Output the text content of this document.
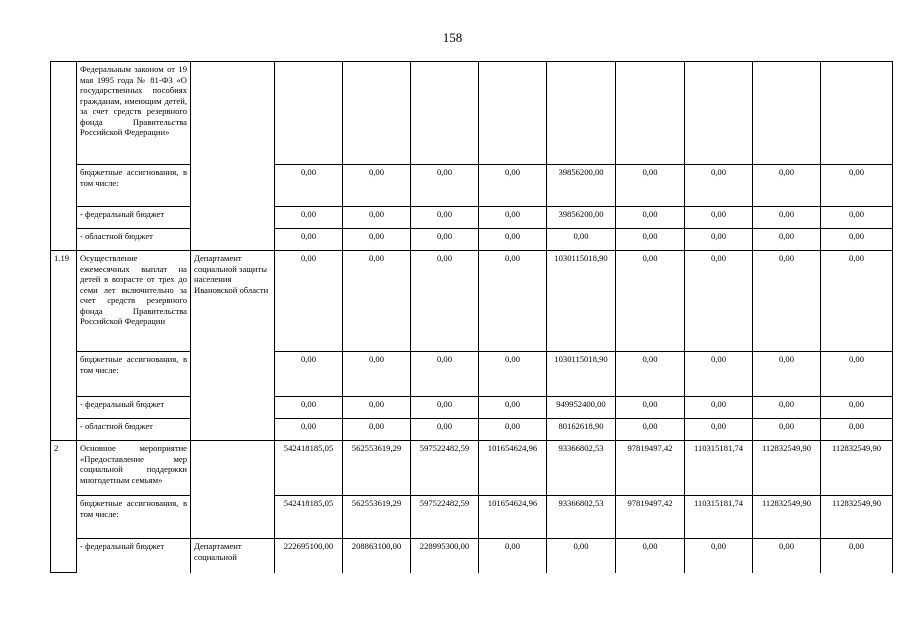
158
	Федеральным законом от 19 мая 1995 года № 81-ФЗ «О государственных пособиях гражданам, имеющим детей, за счет средств резервного фонда Правительства Российской Федерации»										
	бюджетные ассигнования, в том числе:		0,00	0,00	0,00	0,00	39856200,00	0,00	0,00	0,00	0,00
	- федеральный бюджет		0,00	0,00	0,00	0,00	39856200,00	0,00	0,00	0,00	0,00
	- областной бюджет		0,00	0,00	0,00	0,00	0,00	0,00	0,00	0,00	0,00
1.19	Осуществление ежемесячных выплат на детей в возрасте от трех до семи лет включительно за счет средств резервного фонда Правительства Российской Федерации	Департамент социальной защиты населения Ивановской области	0,00	0,00	0,00	0,00	1030115018,90	0,00	0,00	0,00	0,00
	бюджетные ассигнования, в том числе:		0,00	0,00	0,00	0,00	1030115018,90	0,00	0,00	0,00	0,00
	- федеральный бюджет		0,00	0,00	0,00	0,00	949952400,00	0,00	0,00	0,00	0,00
	- областной бюджет		0,00	0,00	0,00	0,00	80162618,90	0,00	0,00	0,00	0,00
2	Основное мероприятие «Предоставление мер социальной поддержки многодетным семьям»		542418185,05	562553619,29	597522482,59	101654624,96	93366802,53	97819497,42	110315181,74	112832549,90	112832549,90
	бюджетные ассигнования, в том числе:		542418185,05	562553619,29	597522482,59	101654624,96	93366802,53	97819497,42	110315181,74	112832549,90	112832549,90
	- федеральный бюджет	Департамент социальной	222695100,00	208863100,00	228995300,00	0,00	0,00	0,00	0,00	0,00	0,00
